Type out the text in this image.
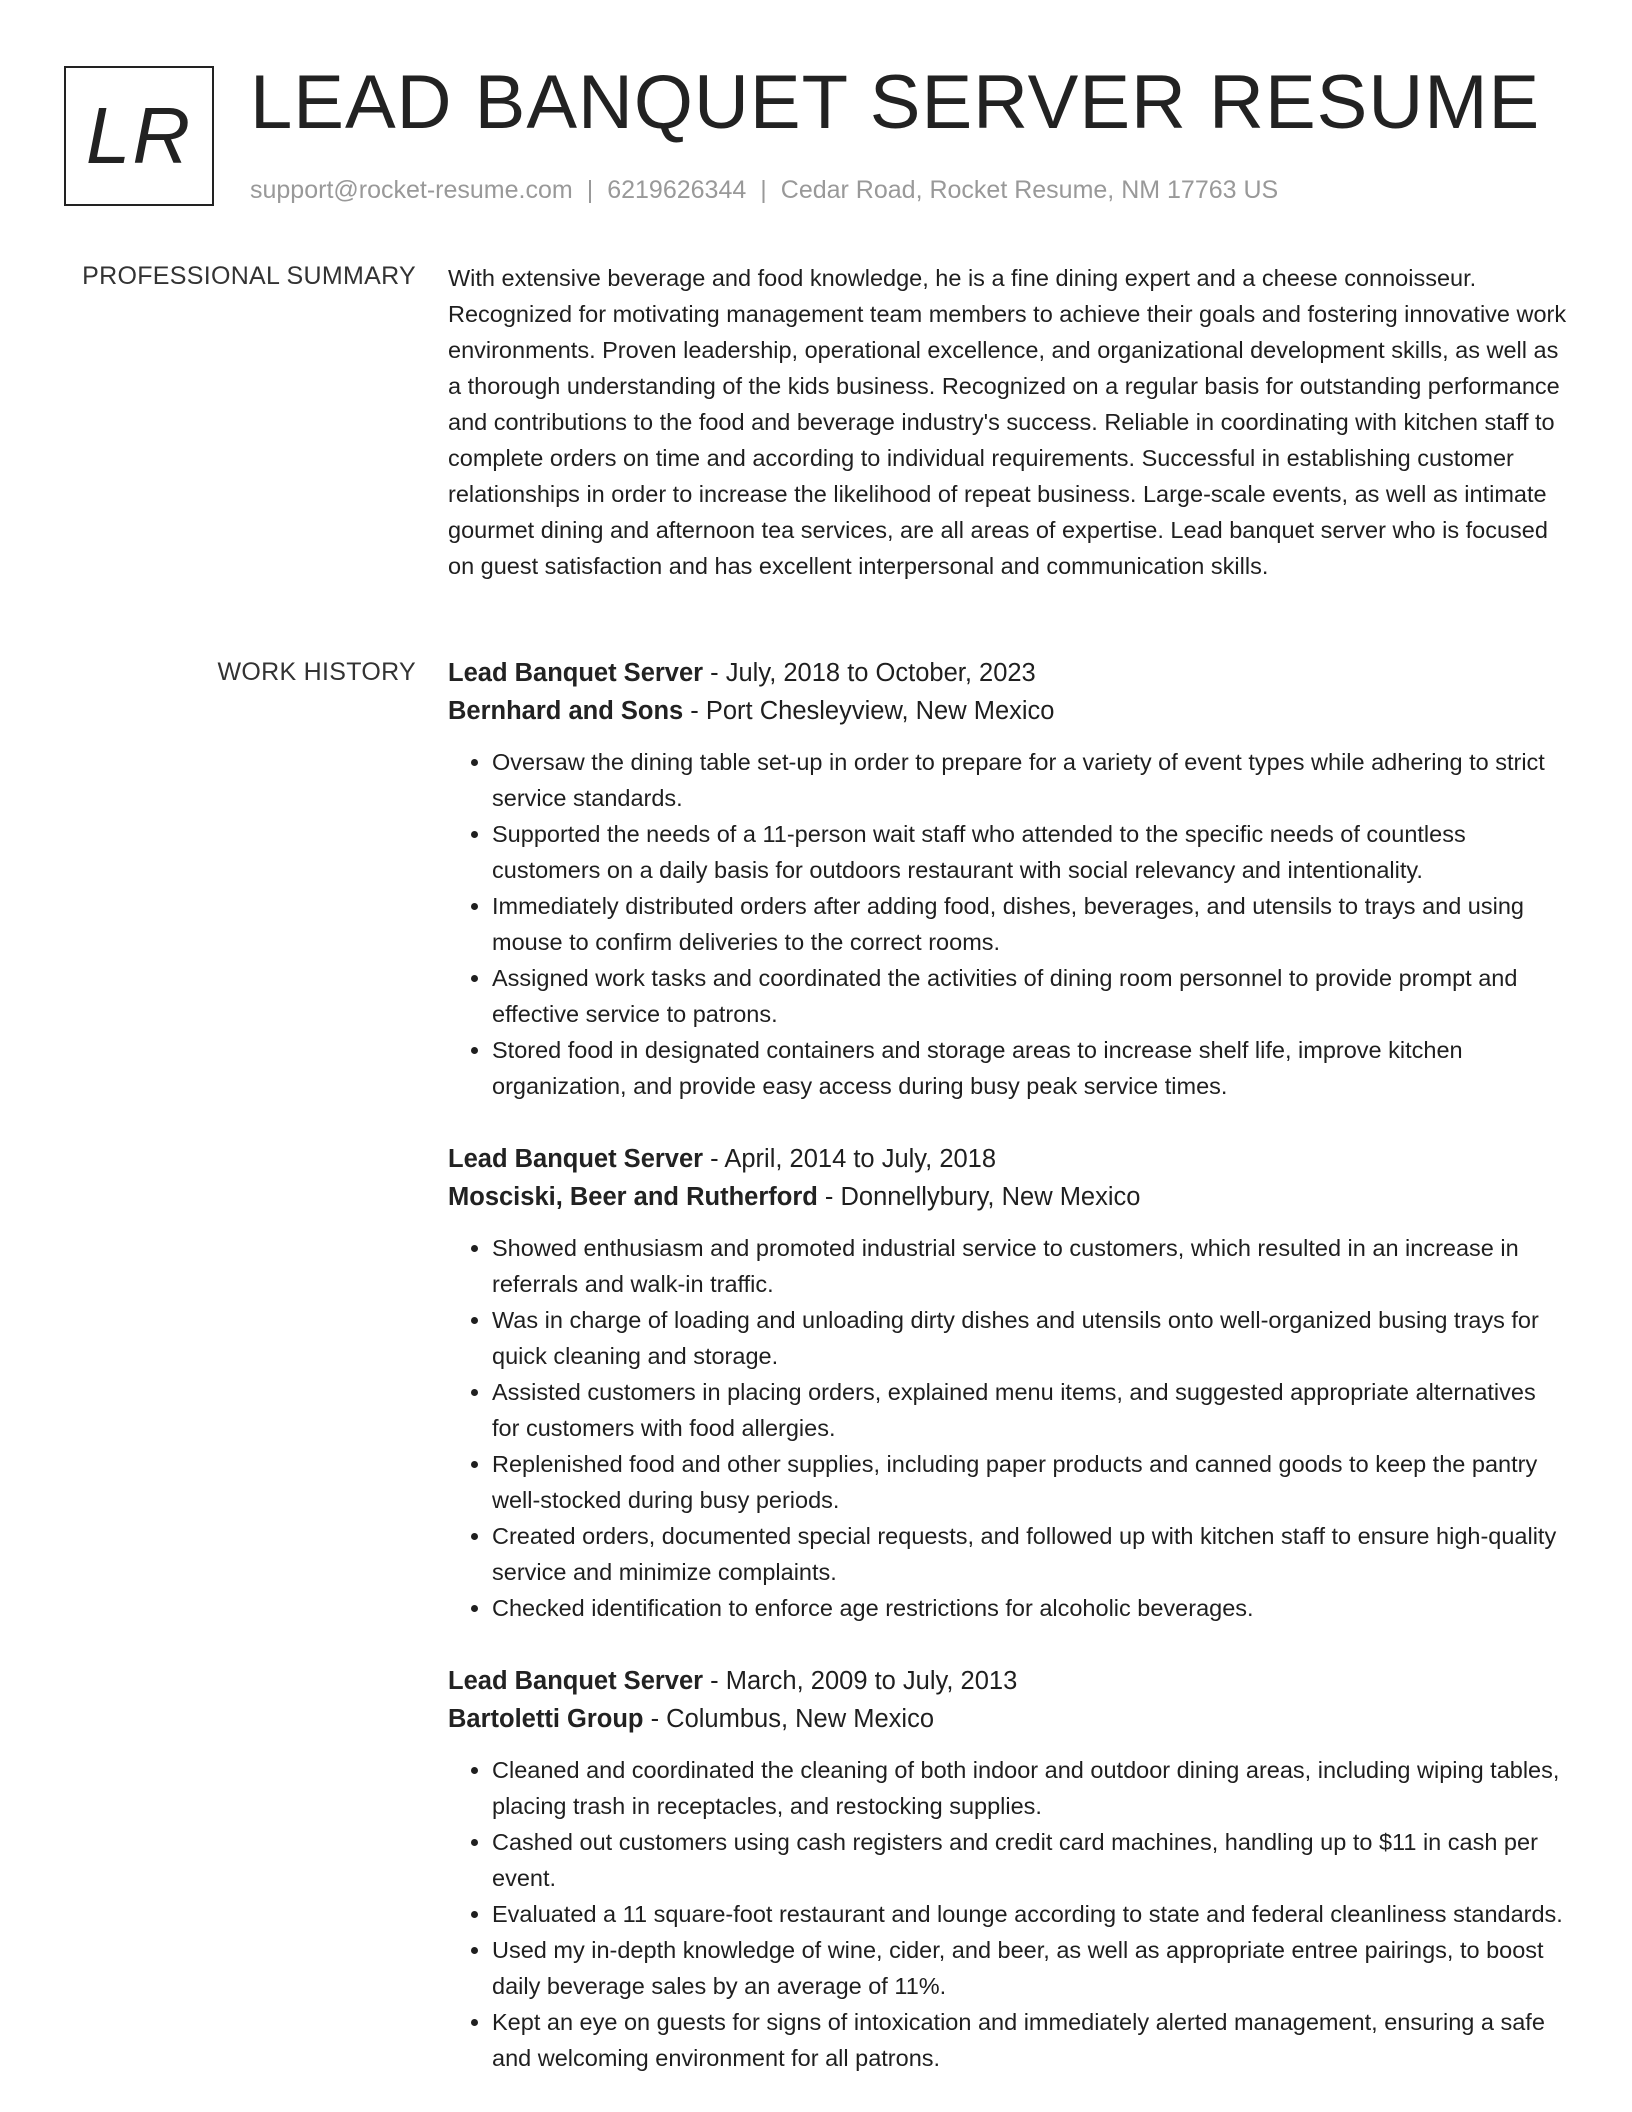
LR LEAD BANQUET SERVER RESUME
support@rocket-resume.com | 6219626344 | Cedar Road, Rocket Resume, NM 17763 US
PROFESSIONAL SUMMARY With extensive beverage and food knowledge, he is a fine dining expert and a cheese connoisseur. Recognized for motivating management team members to achieve their goals and fostering innovative work environments. Proven leadership, operational excellence, and organizational development skills, as well as a thorough understanding of the kids business. Recognized on a regular basis for outstanding performance and contributions to the food and beverage industry's success. Reliable in coordinating with kitchen staff to complete orders on time and according to individual requirements. Successful in establishing customer relationships in order to increase the likelihood of repeat business. Large-scale events, as well as intimate gourmet dining and afternoon tea services, are all areas of expertise. Lead banquet server who is focused on guest satisfaction and has excellent interpersonal and communication skills.

WORK HISTORY Lead Banquet Server - July, 2018 to October, 2023
Bernhard and Sons - Port Chesleyview, New Mexico
• Oversaw the dining table set-up in order to prepare for a variety of event types while adhering to strict service standards.
• Supported the needs of a 11-person wait staff who attended to the specific needs of countless customers on a daily basis for outdoors restaurant with social relevancy and intentionality.
• Immediately distributed orders after adding food, dishes, beverages, and utensils to trays and using mouse to confirm deliveries to the correct rooms.
• Assigned work tasks and coordinated the activities of dining room personnel to provide prompt and effective service to patrons.
• Stored food in designated containers and storage areas to increase shelf life, improve kitchen organization, and provide easy access during busy peak service times.
Lead Banquet Server - April, 2014 to July, 2018
Mosciski, Beer and Rutherford - Donnellybury, New Mexico
• Showed enthusiasm and promoted industrial service to customers, which resulted in an increase in referrals and walk-in traffic.
• Was in charge of loading and unloading dirty dishes and utensils onto well-organized busing trays for quick cleaning and storage.
• Assisted customers in placing orders, explained menu items, and suggested appropriate alternatives for customers with food allergies.
• Replenished food and other supplies, including paper products and canned goods to keep the pantry well-stocked during busy periods.
• Created orders, documented special requests, and followed up with kitchen staff to ensure high-quality service and minimize complaints.
• Checked identification to enforce age restrictions for alcoholic beverages.
Lead Banquet Server - March, 2009 to July, 2013
Bartoletti Group - Columbus, New Mexico
• Cleaned and coordinated the cleaning of both indoor and outdoor dining areas, including wiping tables, placing trash in receptacles, and restocking supplies.
• Cashed out customers using cash registers and credit card machines, handling up to $11 in cash per event.
• Evaluated a 11 square-foot restaurant and lounge according to state and federal cleanliness standards.
• Used my in-depth knowledge of wine, cider, and beer, as well as appropriate entree pairings, to boost daily beverage sales by an average of 11%.
• Kept an eye on guests for signs of intoxication and immediately alerted management, ensuring a safe and welcoming environment for all patrons.
